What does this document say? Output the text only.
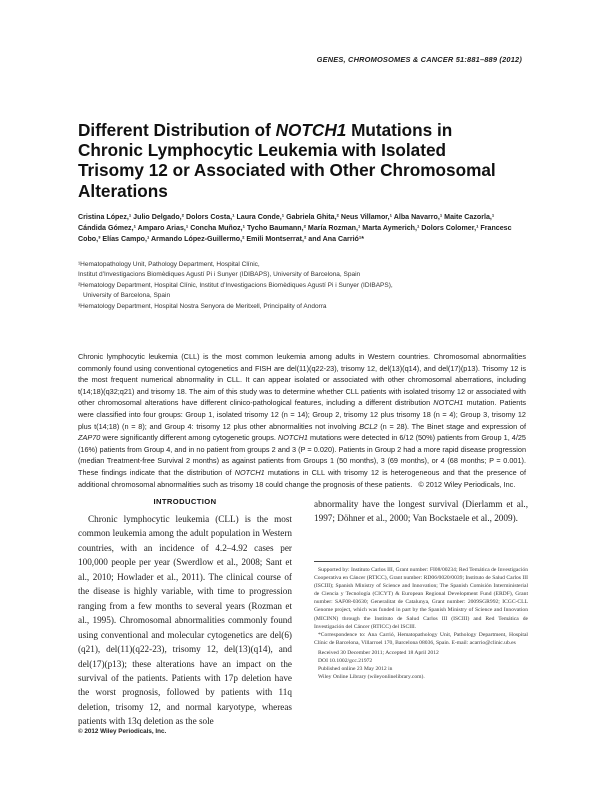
GENES, CHROMOSOMES & CANCER 51:881–889 (2012)
Different Distribution of NOTCH1 Mutations in Chronic Lymphocytic Leukemia with Isolated Trisomy 12 or Associated with Other Chromosomal Alterations
Cristina López,¹ Julio Delgado,² Dolors Costa,¹ Laura Conde,¹ Gabriela Ghita,² Neus Villamor,¹ Alba Navarro,¹ Maite Cazorla,¹ Cándida Gómez,¹ Amparo Arias,¹ Concha Muñoz,¹ Tycho Baumann,² María Rozman,¹ Marta Aymerich,¹ Dolors Colomer,¹ Francesc Cobo,³ Elías Campo,¹ Armando López-Guillermo,² Emili Montserrat,² and Ana Carrió¹*
¹Hematopathology Unit, Pathology Department, Hospital Clínic,
Institut d’Investigacions Biomèdiques Agustí Pi i Sunyer (IDIBAPS), University of Barcelona, Spain
²Hematology Department, Hospital Clínic, Institut d’Investigacions Biomèdiques Agustí Pi i Sunyer (IDIBAPS),
University of Barcelona, Spain
³Hematology Department, Hospital Nostra Senyora de Meritxell, Principality of Andorra
Chronic lymphocytic leukemia (CLL) is the most common leukemia among adults in Western countries. Chromosomal abnormalities commonly found using conventional cytogenetics and FISH are del(11)(q22-23), trisomy 12, del(13)(q14), and del(17)(p13). Trisomy 12 is the most frequent numerical abnormality in CLL. It can appear isolated or associated with other chromosomal aberrations, including t(14;18)(q32;q21) and trisomy 18. The aim of this study was to determine whether CLL patients with isolated trisomy 12 or associated with other chromosomal alterations have different clinico-pathological features, including a different distribution NOTCH1 mutation. Patients were classified into four groups: Group 1, isolated trisomy 12 (n = 14); Group 2, trisomy 12 plus trisomy 18 (n = 4); Group 3, trisomy 12 plus t(14;18) (n = 8); and Group 4: trisomy 12 plus other abnormalities not involving BCL2 (n = 28). The Binet stage and expression of ZAP70 were significantly different among cytogenetic groups. NOTCH1 mutations were detected in 6/12 (50%) patients from Group 1, 4/25 (16%) patients from Group 4, and in no patient from groups 2 and 3 (P = 0.020). Patients in Group 2 had a more rapid disease progression (median Treatment-free Survival 2 months) as against patients from Groups 1 (50 months), 3 (69 months), or 4 (68 months; P = 0.001). These findings indicate that the distribution of NOTCH1 mutations in CLL with trisomy 12 is heterogeneous and that the presence of additional chromosomal abnormalities such as trisomy 18 could change the prognosis of these patients. © 2012 Wiley Periodicals, Inc.
INTRODUCTION
Chronic lymphocytic leukemia (CLL) is the most common leukemia among the adult population in Western countries, with an incidence of 4.2–4.92 cases per 100,000 people per year (Swerdlow et al., 2008; Sant et al., 2010; Howlader et al., 2011). The clinical course of the disease is highly variable, with time to progression ranging from a few months to several years (Rozman et al., 1995). Chromosomal abnormalities commonly found using conventional and molecular cytogenetics are del(6)(q21), del(11)(q22-23), trisomy 12, del(13)(q14), and del(17)(p13); these alterations have an impact on the survival of the patients. Patients with 17p deletion have the worst prognosis, followed by patients with 11q deletion, trisomy 12, and normal karyotype, whereas patients with 13q deletion as the sole
abnormality have the longest survival (Dierlamm et al., 1997; Döhner et al., 2000; Van Bockstaele et al., 2009).

Supported by: Instituto Carlos III, Grant number: FI08/00234; Red Temática de Investigación Cooperativa en Cáncer (RTICC), Grant number: RD06/0020/0039; Instituto de Salud Carlos III (ISCIII); Spanish Ministry of Science and Innovation; The Spanish Comisión Interministerial de Ciencia y Tecnología (CICYT) & European Regional Development Fund (ERDF), Grant number: SAF08-03630; Generalitat de Catalunya, Grant number: 2009SGR992; ICGC-CLL Genome project, which was funded in part by the Spanish Ministry of Science and Innovation (MICINN) through the Instituto de Salud Carlos III (ISCIII) and Red Temática de Investigación del Cáncer (RTICC) del ISCIII.

*Correspondence to: Ana Carrió, Hematopathology Unit, Pathology Department, Hospital Clínic de Barcelona, Villarroel 170, Barcelona 08036, Spain. E-mail: acarrio@clinic.ub.es

Received 30 December 2011; Accepted 18 April 2012

DOI 10.1002/gcc.21972

Published online 23 May 2012 in

Wiley Online Library (wileyonlinelibrary.com).

© 2012 Wiley Periodicals, Inc.
